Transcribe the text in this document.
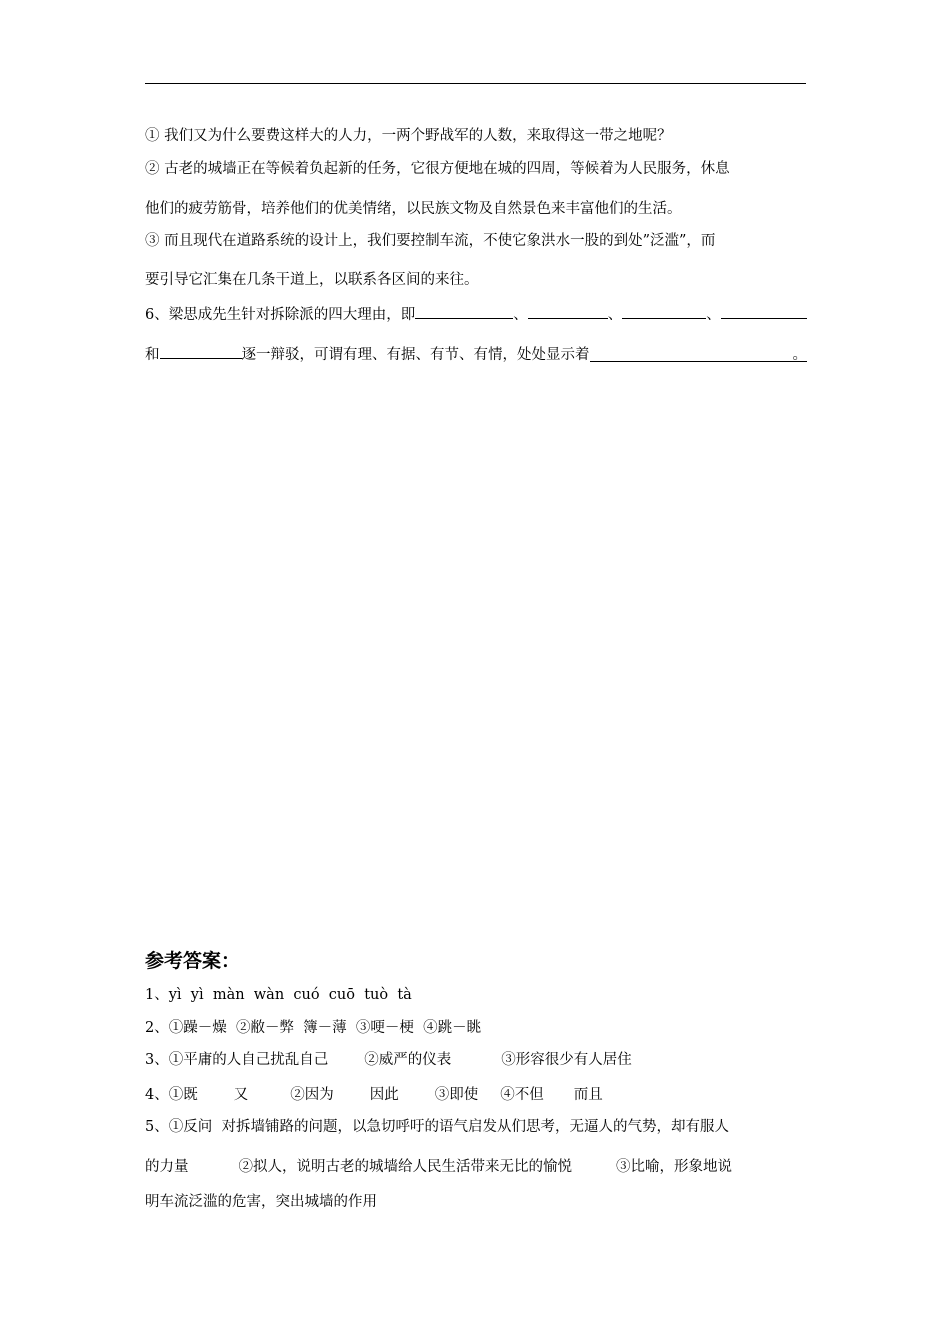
① 我们又为什么要费这样大的人力，一两个野战军的人数，来取得这一带之地呢？
② 古老的城墙正在等候着负起新的任务，它很方便地在城的四周，等候着为人民服务，休息
他们的疲劳筋骨，培养他们的优美情绪，以民族文物及自然景色来丰富他们的生活。
③ 而且现代在道路系统的设计上，我们要控制车流，不使它象洪水一股的到处”泛滥”，而
要引导它汇集在几条干道上，以联系各区间的来往。
6、梁思成先生针对拆除派的四大理由，即	、	、	、
和	逐一辩驳，可谓有理、有据、有节、有情，处处显示着	。
参考答案：
1、yì  yì  màn  wàn  cuó  cuō  tuò  tà
2、①躁－燥  ②敝－弊  簿－薄  ③哽－梗  ④跳－眺
3、①平庸的人自己扰乱自己 ②威严的仪表	③形容很少有人居住
4、①既 又	②因为 因此 ③即使 ④不但 而且
5、①反问  对拆墙铺路的问题，以急切呼吁的语气启发从们思考，无逼人的气势，却有服人
的力量	②拟人，说明古老的城墙给人民生活带来无比的愉悦	③比喻，形象地说
明车流泛滥的危害，突出城墙的作用
